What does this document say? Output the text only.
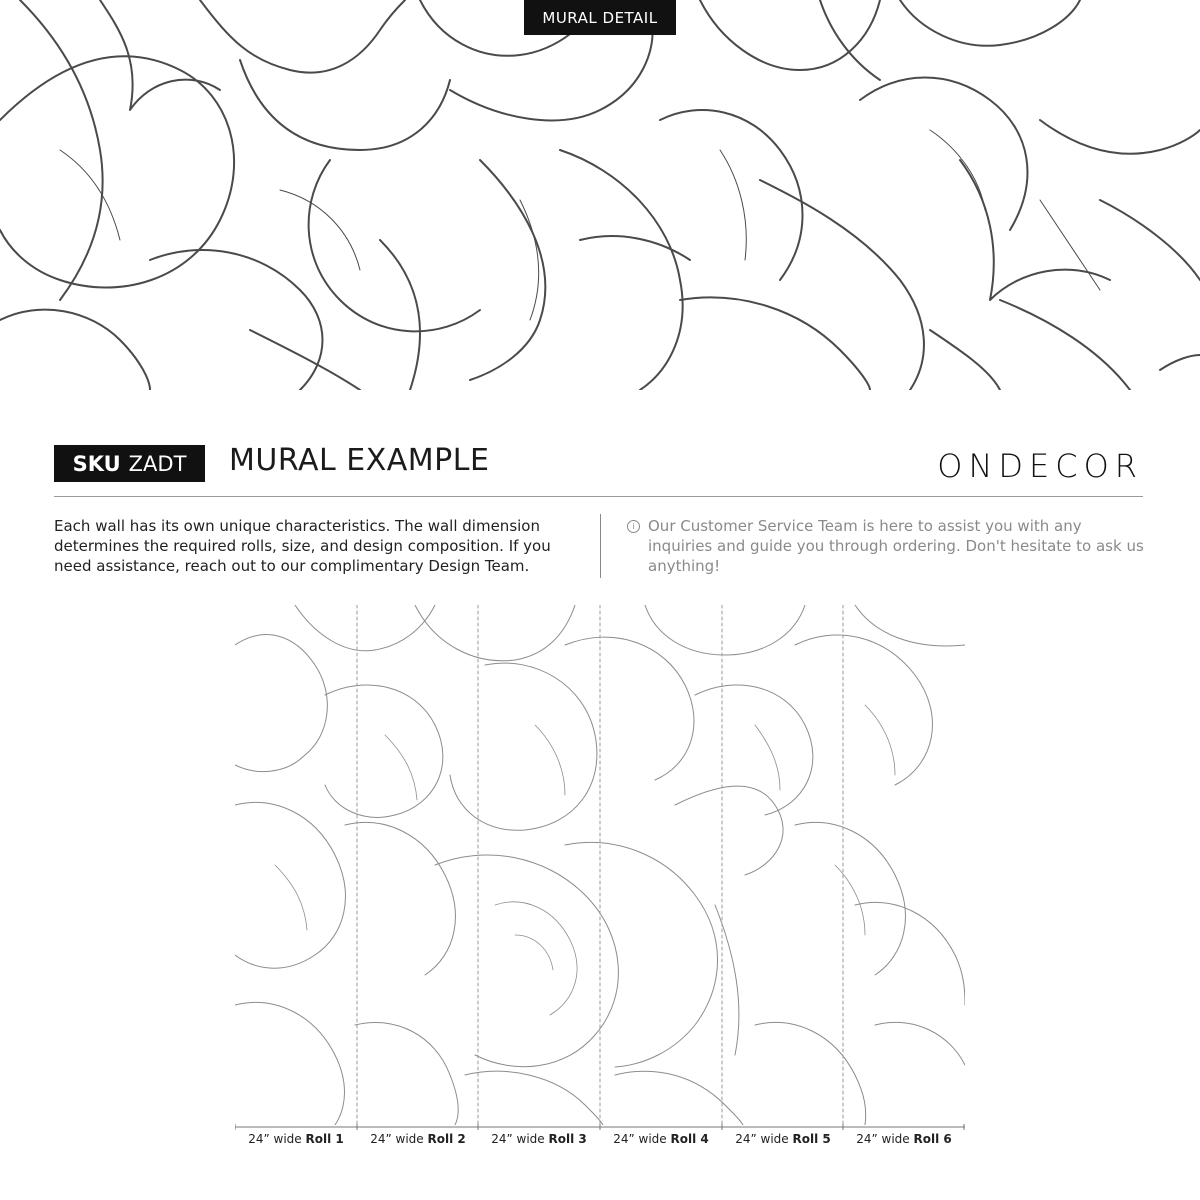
MURAL DETAIL
SKU ZADT MURAL EXAMPLE	ONDECOR
Each wall has its own unique characteristics. The wall dimension determines the required rolls, size, and design composition. If you need assistance, reach out to our complimentary Design Team.
i Our Customer Service Team is here to assist you with any inquiries and guide you through ordering. Don't hesitate to ask us anything!
24” wide Roll 1	24” wide Roll 2	24” wide Roll 3	24” wide Roll 4	24” wide Roll 5	24” wide Roll 6
